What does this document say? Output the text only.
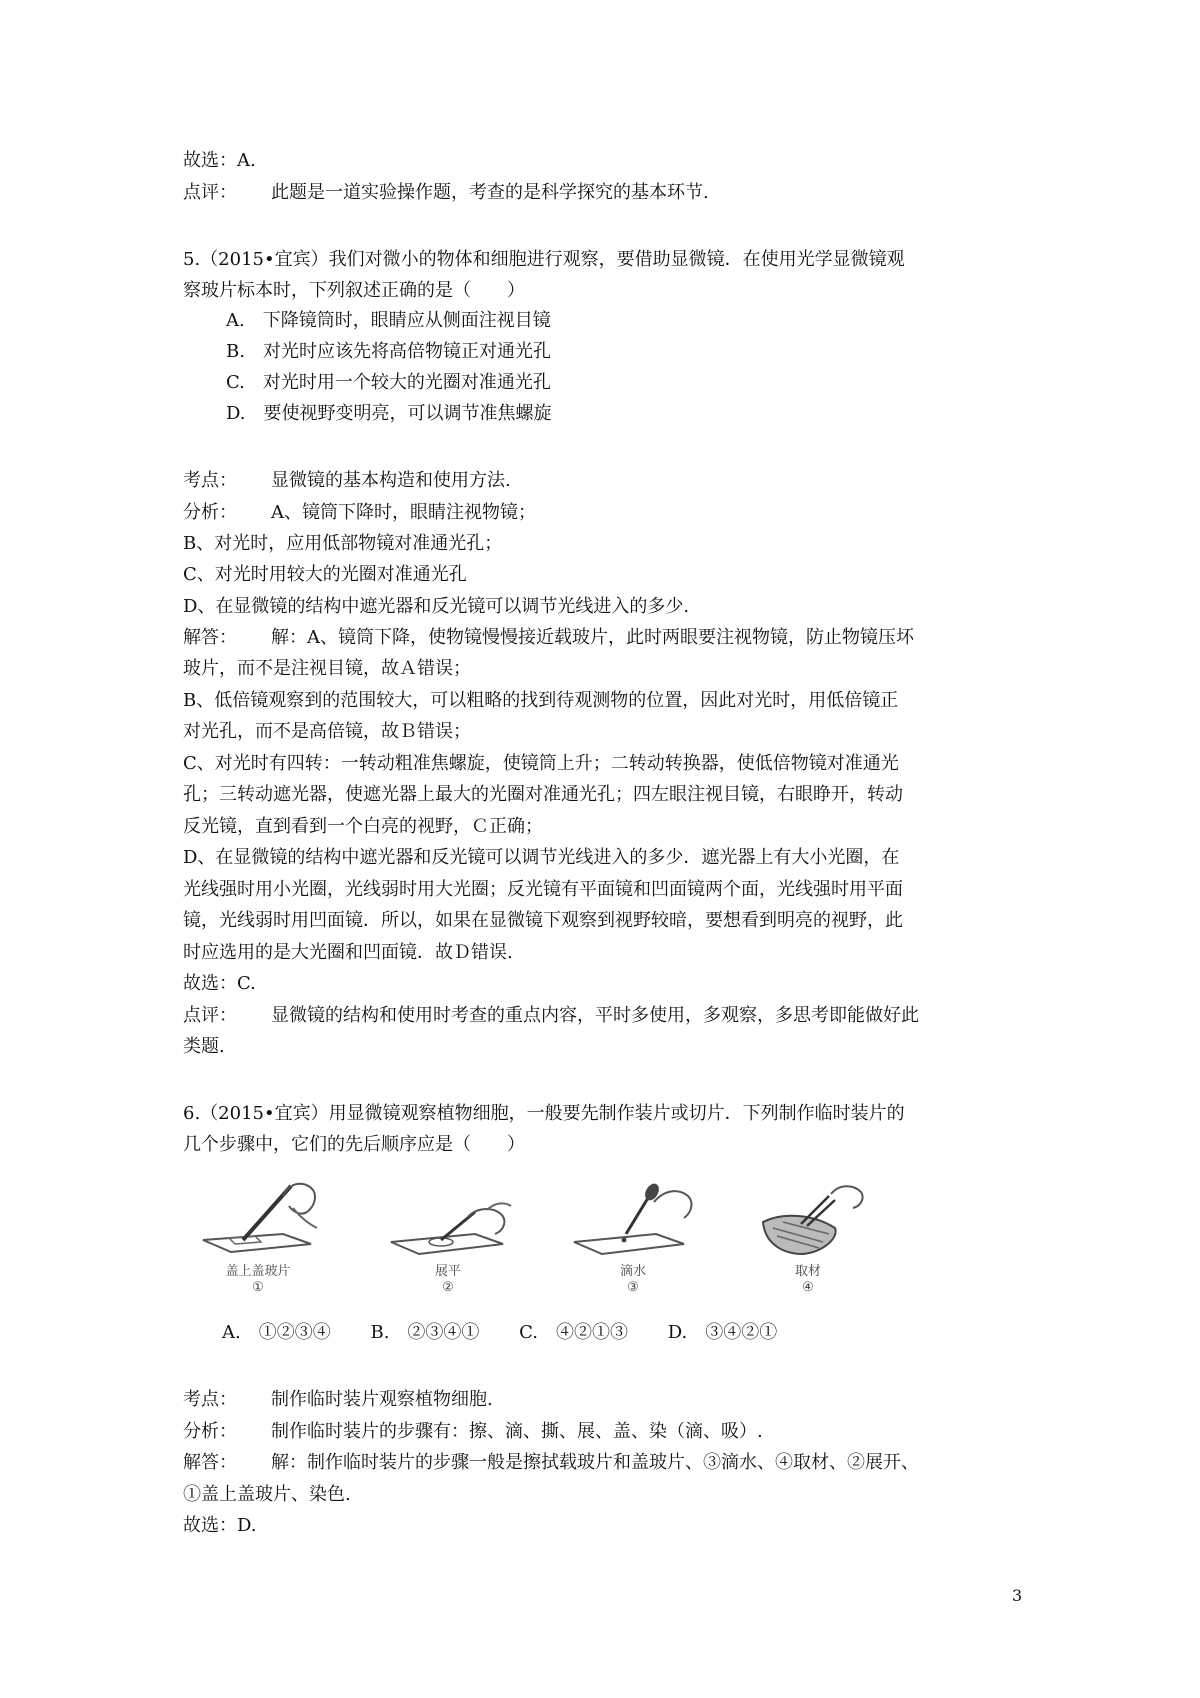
故选：A.
点评： 此题是一道实验操作题，考查的是科学探究的基本环节.
5.（2015•宜宾）我们对微小的物体和细胞进行观察，要借助显微镜．在使用光学显微镜观
察玻片标本时，下列叙述正确的是（　　）
A.　下降镜筒时，眼睛应从侧面注视目镜
B.　对光时应该先将高倍物镜正对通光孔
C.　对光时用一个较大的光圈对准通光孔
D.　要使视野变明亮，可以调节准焦螺旋
考点： 显微镜的基本构造和使用方法.
分析： A、镜筒下降时，眼睛注视物镜；
B、对光时，应用低部物镜对准通光孔；
C、对光时用较大的光圈对准通光孔
D、在显微镜的结构中遮光器和反光镜可以调节光线进入的多少.
解答： 解：A、镜筒下降，使物镜慢慢接近载玻片，此时两眼要注视物镜，防止物镜压坏
玻片，而不是注视目镜，故Ａ错误；
B、低倍镜观察到的范围较大，可以粗略的找到待观测物的位置，因此对光时，用低倍镜正
对光孔，而不是高倍镜，故Ｂ错误；
C、对光时有四转：一转动粗准焦螺旋，使镜筒上升；二转动转换器，使低倍物镜对准通光
孔；三转动遮光器，使遮光器上最大的光圈对准通光孔；四左眼注视目镜，右眼睁开，转动
反光镜，直到看到一个白亮的视野，Ｃ正确；
D、在显微镜的结构中遮光器和反光镜可以调节光线进入的多少．遮光器上有大小光圈，在
光线强时用小光圈，光线弱时用大光圈；反光镜有平面镜和凹面镜两个面，光线强时用平面
镜，光线弱时用凹面镜．所以，如果在显微镜下观察到视野较暗，要想看到明亮的视野，此
时应选用的是大光圈和凹面镜．故Ｄ错误.
故选：C.
点评： 显微镜的结构和使用时考查的重点内容，平时多使用，多观察，多思考即能做好此
类题.
6.（2015•宜宾）用显微镜观察植物细胞，一般要先制作装片或切片．下列制作临时装片的
几个步骤中，它们的先后顺序应是（　　）
盖上盖玻片
①
展平
②
滴水
③
取材
④
A.　①②③④ B.　②③④① C.　④②①③ D.　③④②①
考点： 制作临时装片观察植物细胞.
分析： 制作临时装片的步骤有：擦、滴、撕、展、盖、染（滴、吸）.
解答： 解：制作临时装片的步骤一般是擦拭载玻片和盖玻片、③滴水、④取材、②展开、
①盖上盖玻片、染色.
故选：D.
3
